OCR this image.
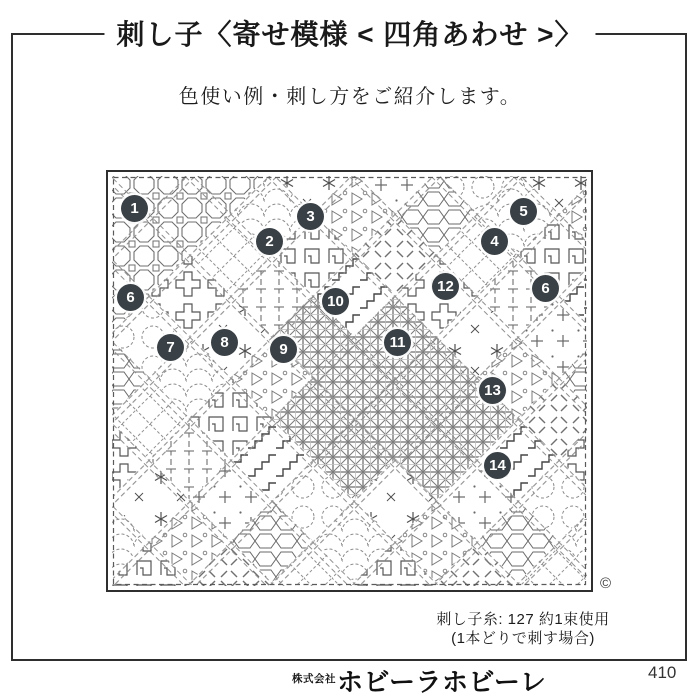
刺し子〈寄せ模様 < 四角あわせ >〉
色使い例・刺し方をご紹介します。
1
2
3
4
5
6
6
7	8	9
10
11
12
13
14
©
刺し子糸: 127 約1束使用
(1本どりで刺す場合)
株式会社 ホビーラホビーレ	410
